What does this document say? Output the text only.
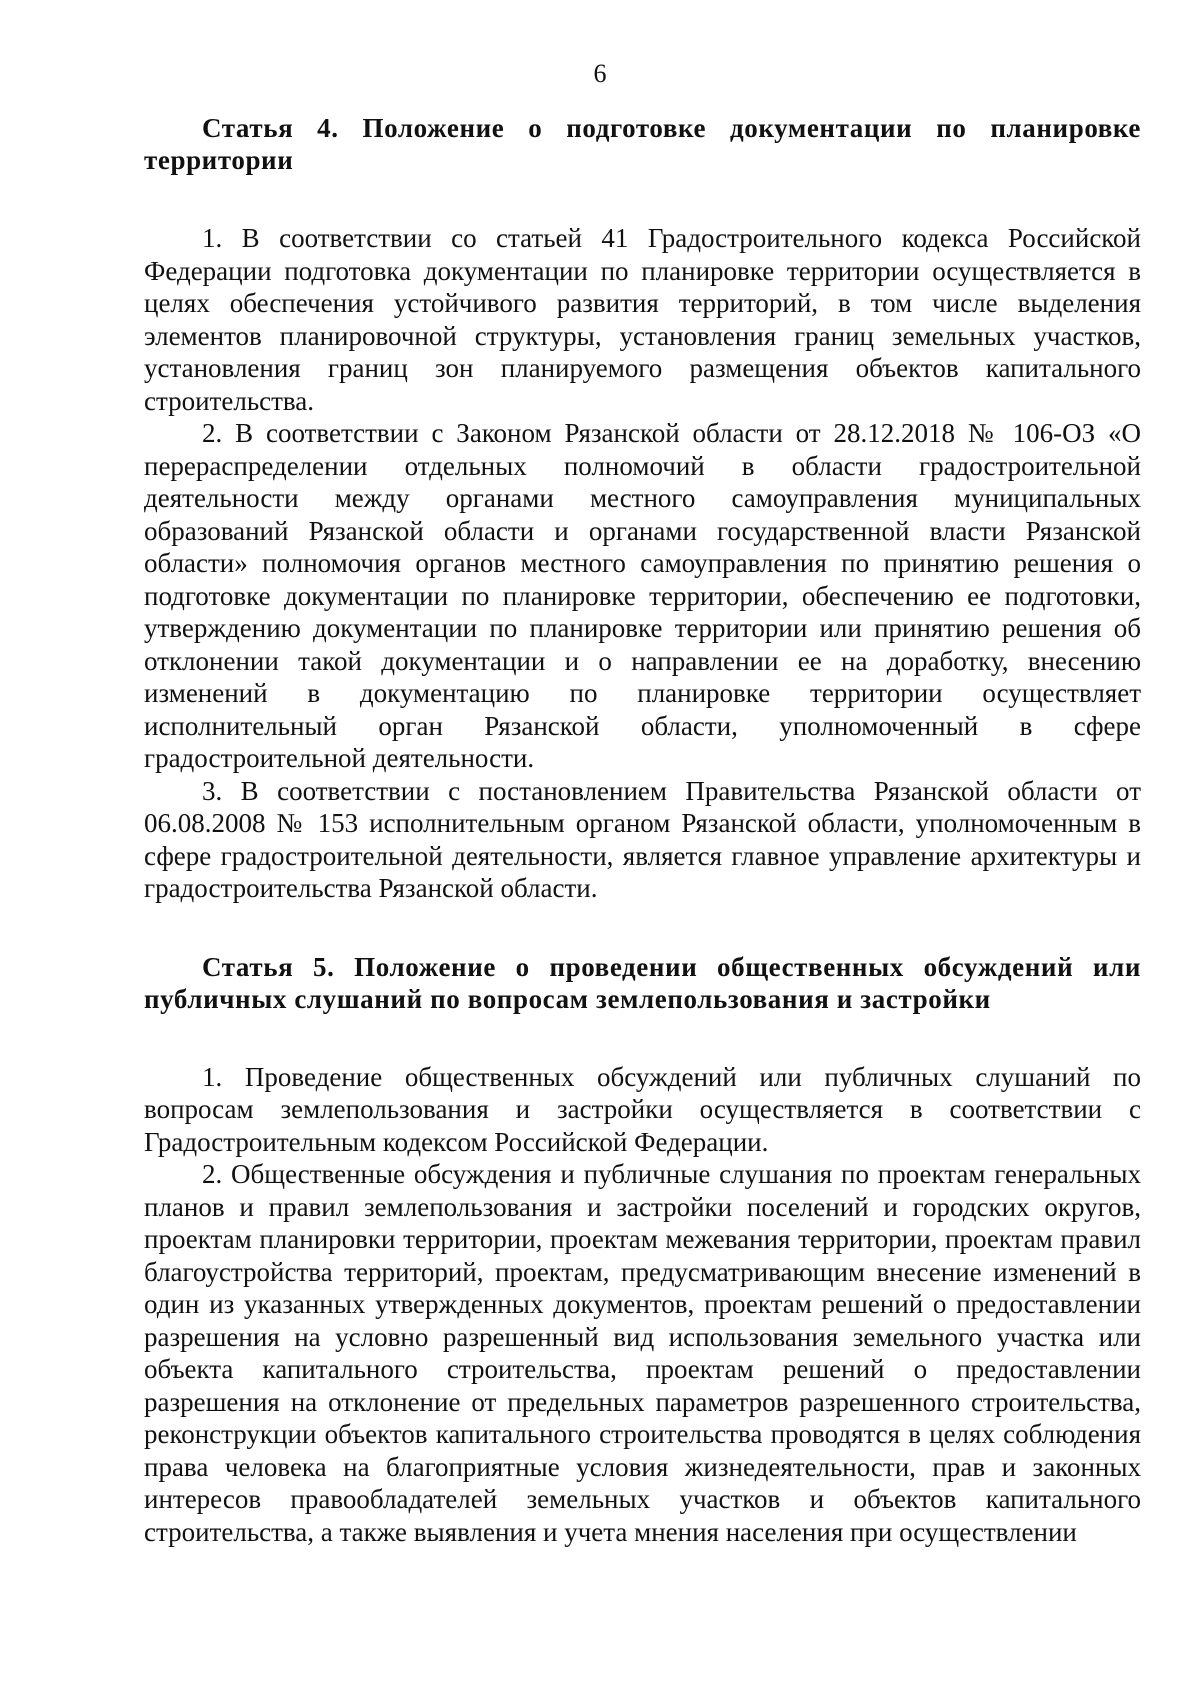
6

Статья 4. Положение о подготовке документации по планировке территории

1. В соответствии со статьей 41 Градостроительного кодекса Российской Федерации подготовка документации по планировке территории осуществляется в целях обеспечения устойчивого развития территорий, в том числе выделения элементов планировочной структуры, установления границ земельных участков, установления границ зон планируемого размещения объектов капитального строительства.

2. В соответствии с Законом Рязанской области от 28.12.2018 № 106-ОЗ «О перераспределении отдельных полномочий в области градостроительной деятельности между органами местного самоуправления муниципальных образований Рязанской области и органами государственной власти Рязанской области» полномочия органов местного самоуправления по принятию решения о подготовке документации по планировке территории, обеспечению ее подготовки, утверждению документации по планировке территории или принятию решения об отклонении такой документации и о направлении ее на доработку, внесению изменений в документацию по планировке территории осуществляет исполнительный орган Рязанской области, уполномоченный в сфере градостроительной деятельности.

3. В соответствии с постановлением Правительства Рязанской области от 06.08.2008 № 153 исполнительным органом Рязанской области, уполномоченным в сфере градостроительной деятельности, является главное управление архитектуры и градостроительства Рязанской области.

Статья 5. Положение о проведении общественных обсуждений или публичных слушаний по вопросам землепользования и застройки

1. Проведение общественных обсуждений или публичных слушаний по вопросам землепользования и застройки осуществляется в соответствии с Градостроительным кодексом Российской Федерации.

2. Общественные обсуждения и публичные слушания по проектам генеральных планов и правил землепользования и застройки поселений и городских округов, проектам планировки территории, проектам межевания территории, проектам правил благоустройства территорий, проектам, предусматривающим внесение изменений в один из указанных утвержденных документов, проектам решений о предоставлении разрешения на условно разрешенный вид использования земельного участка или объекта капитального строительства, проектам решений о предоставлении разрешения на отклонение от предельных параметров разрешенного строительства, реконструкции объектов капитального строительства проводятся в целях соблюдения права человека на благоприятные условия жизнедеятельности, прав и законных интересов правообладателей земельных участков и объектов капитального строительства, а также выявления и учета мнения населения при осуществлении
